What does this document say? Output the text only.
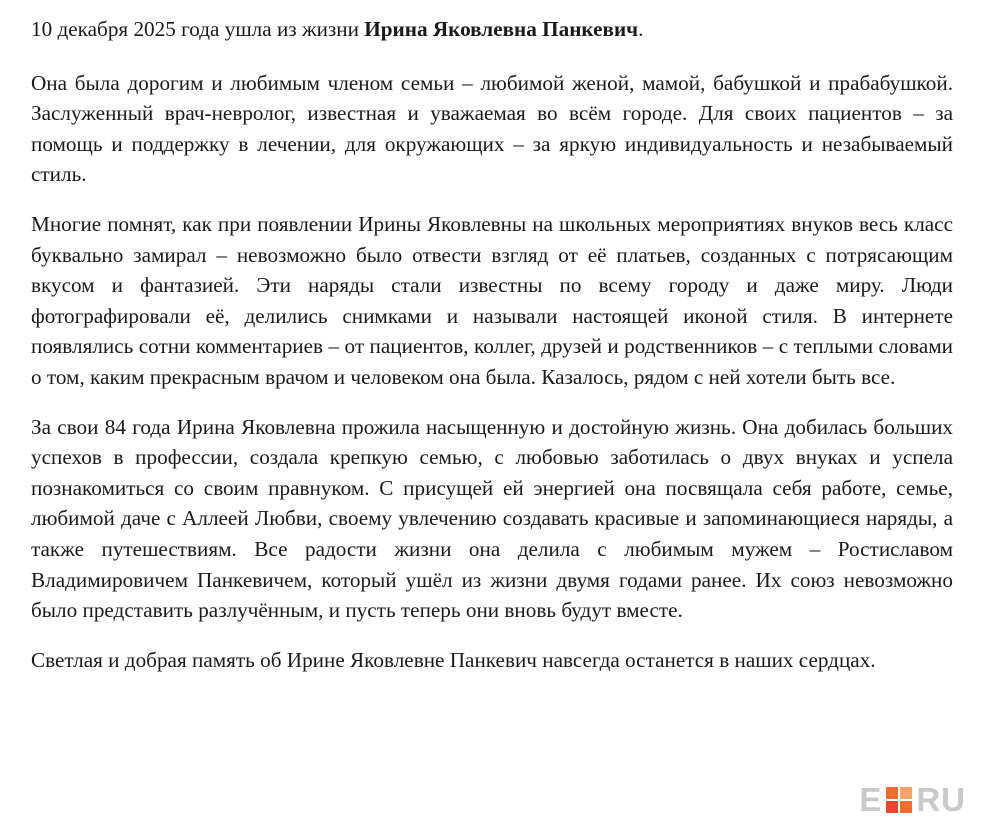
10 декабря 2025 года ушла из жизни Ирина Яковлевна Панкевич.

Она была дорогим и любимым членом семьи – любимой женой, мамой, бабушкой и прабабушкой. Заслуженный врач-невролог, известная и уважаемая во всём городе. Для своих пациентов – за помощь и поддержку в лечении, для окружающих – за яркую индивидуальность и незабываемый стиль.

Многие помнят, как при появлении Ирины Яковлевны на школьных мероприятиях внуков весь класс буквально замирал – невозможно было отвести взгляд от её платьев, созданных с потрясающим вкусом и фантазией. Эти наряды стали известны по всему городу и даже миру. Люди фотографировали её, делились снимками и называли настоящей иконой стиля. В интернете появлялись сотни комментариев – от пациентов, коллег, друзей и родственников – с теплыми словами о том, каким прекрасным врачом и человеком она была. Казалось, рядом с ней хотели быть все.

За свои 84 года Ирина Яковлевна прожила насыщенную и достойную жизнь. Она добилась больших успехов в профессии, создала крепкую семью, с любовью заботилась о двух внуках и успела познакомиться со своим правнуком. С присущей ей энергией она посвящала себя работе, семье, любимой даче с Аллеей Любви, своему увлечению создавать красивые и запоминающиеся наряды, а также путешествиям. Все радости жизни она делила с любимым мужем – Ростиславом Владимировичем Панкевичем, который ушёл из жизни двумя годами ранее. Их союз невозможно было представить разлучённым, и пусть теперь они вновь будут вместе.

Светлая и добрая память об Ирине Яковлевне Панкевич навсегда останется в наших сердцах.

E RU
